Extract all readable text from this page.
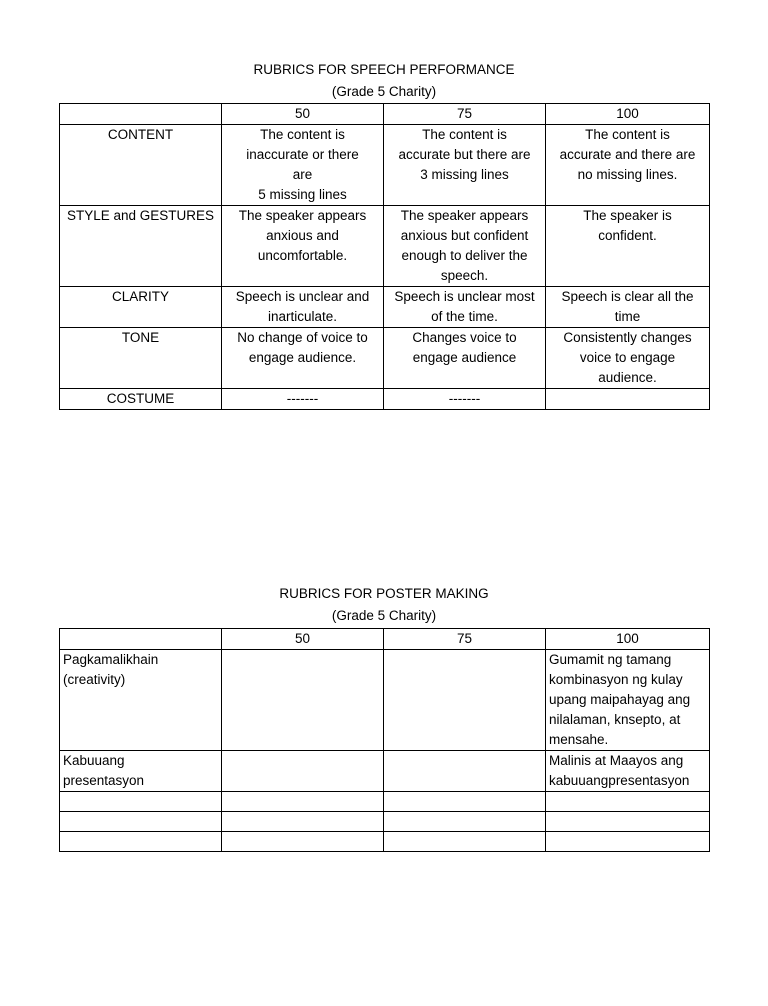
RUBRICS FOR SPEECH PERFORMANCE
(Grade 5 Charity)
	50	75	100

CONTENT	The content is
inaccurate or there
are
5 missing lines	The content is
accurate but there are
3 missing lines	The content is
accurate and there are
no missing lines.

STYLE and GESTURES	The speaker appears
anxious and
uncomfortable.	The speaker appears
anxious but confident
enough to deliver the
speech.	The speaker is
confident.

CLARITY	Speech is unclear and
inarticulate.	Speech is unclear most
of the time.	Speech is clear all the
time

TONE	No change of voice to
engage audience.	Changes voice to
engage audience	Consistently changes
voice to engage
audience.

COSTUME	-------	-------	

RUBRICS FOR POSTER MAKING
(Grade 5 Charity)
	50	75	100

Pagkamalikhain
(creativity)			Gumamit ng tamang
kombinasyon ng kulay
upang maipahayag ang
nilalaman, knsepto, at
mensahe.

Kabuuang
presentasyon			Malinis at Maayos ang
kabuuangpresentasyon
